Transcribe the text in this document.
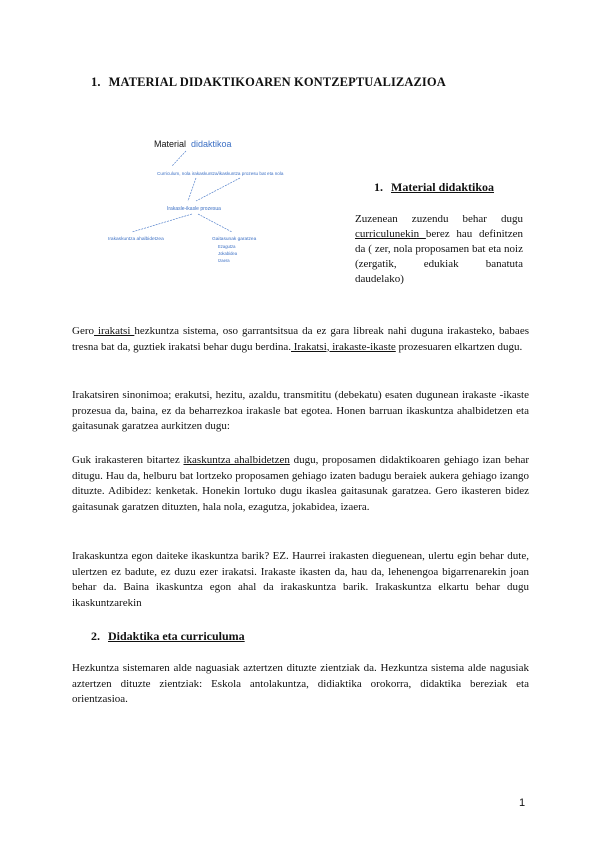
1. MATERIAL DIDAKTIKOAREN KONTZEPTUALIZAZIOA
Material didaktikoa
Curriculum, nola irakaskuntza/ikaskuntza prozesu bat eta nola
Irakasle-ikasle prozesua
Irakaskuntza ahalbidetzea	Gaitasunak garatzea
Ezagutza
Jokabidea
Izaera
1. Material didaktikoa
Zuzenean zuzendu behar dugu curriculunekin berez hau definitzen da ( zer, nola proposamen bat eta noiz (zergatik, edukiak banatuta daudelako)
Gero irakatsi hezkuntza sistema, oso garrantsitsua da ez gara libreak nahi duguna irakasteko, babaes tresna bat da, guztiek irakatsi behar dugu berdina. Irakatsi, irakaste-ikaste prozesuaren elkartzen dugu.
Irakatsiren sinonimoa; erakutsi, hezitu, azaldu, transmititu (debekatu) esaten dugunean irakaste -ikaste prozesua da, baina, ez da beharrezkoa irakasle bat egotea. Honen barruan ikaskuntza ahalbidetzen eta gaitasunak garatzea aurkitzen dugu:
Guk irakasteren bitartez ikaskuntza ahalbidetzen dugu, proposamen didaktikoaren gehiago izan behar ditugu. Hau da, helburu bat lortzeko proposamen gehiago izaten badugu beraiek aukera gehiago izango dituzte. Adibidez: kenketak. Honekin lortuko dugu ikaslea gaitasunak garatzea. Gero ikasteren bidez gaitasunak garatzen dituzten, hala nola, ezagutza, jokabidea, izaera.
Irakaskuntza egon daiteke ikaskuntza barik? EZ. Haurrei irakasten dieguenean, ulertu egin behar dute, ulertzen ez badute, ez duzu ezer irakatsi. Irakaste ikasten da, hau da, lehenengoa bigarrenarekin joan behar da. Baina ikaskuntza egon ahal da irakaskuntza barik. Irakaskuntza elkartu behar dugu ikaskuntzarekin
2. Didaktika eta curriculuma
Hezkuntza sistemaren alde naguasiak aztertzen dituzte zientziak da. Hezkuntza sistema alde nagusiak aztertzen dituzte zientziak: Eskola antolakuntza, didiaktika orokorra, didaktika bereziak eta orientzasioa.
1
